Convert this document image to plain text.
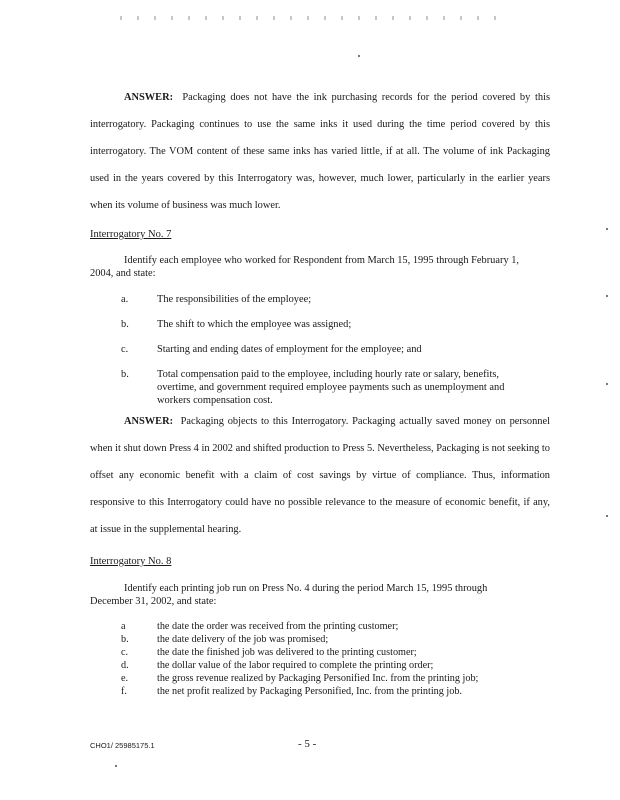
ANSWER: Packaging does not have the ink purchasing records for the period covered by this interrogatory. Packaging continues to use the same inks it used during the time period covered by this interrogatory. The VOM content of these same inks has varied little, if at all. The volume of ink Packaging used in the years covered by this Interrogatory was, however, much lower, particularly in the earlier years when its volume of business was much lower.

Interrogatory No. 7

Identify each employee who worked for Respondent from March 15, 1995 through February 1, 2004, and state:

a.	The responsibilities of the employee;
b.	The shift to which the employee was assigned;
c.	Starting and ending dates of employment for the employee; and
b.	Total compensation paid to the employee, including hourly rate or salary, benefits, overtime, and government required employee payments such as unemployment and workers compensation cost.

ANSWER: Packaging objects to this Interrogatory. Packaging actually saved money on personnel when it shut down Press 4 in 2002 and shifted production to Press 5. Nevertheless, Packaging is not seeking to offset any economic benefit with a claim of cost savings by virtue of compliance. Thus, information responsive to this Interrogatory could have no possible relevance to the measure of economic benefit, if any, at issue in the supplemental hearing.

Interrogatory No. 8

Identify each printing job run on Press No. 4 during the period March 15, 1995 through December 31, 2002, and state:

a	the date the order was received from the printing customer;
b.	the date delivery of the job was promised;
c.	the date the finished job was delivered to the printing customer;
d.	the dollar value of the labor required to complete the printing order;
e.	the gross revenue realized by Packaging Personified Inc. from the printing job;
f.	the net profit realized by Packaging Personified, Inc. from the printing job.
CHO1/ 25985175.1	- 5 -
